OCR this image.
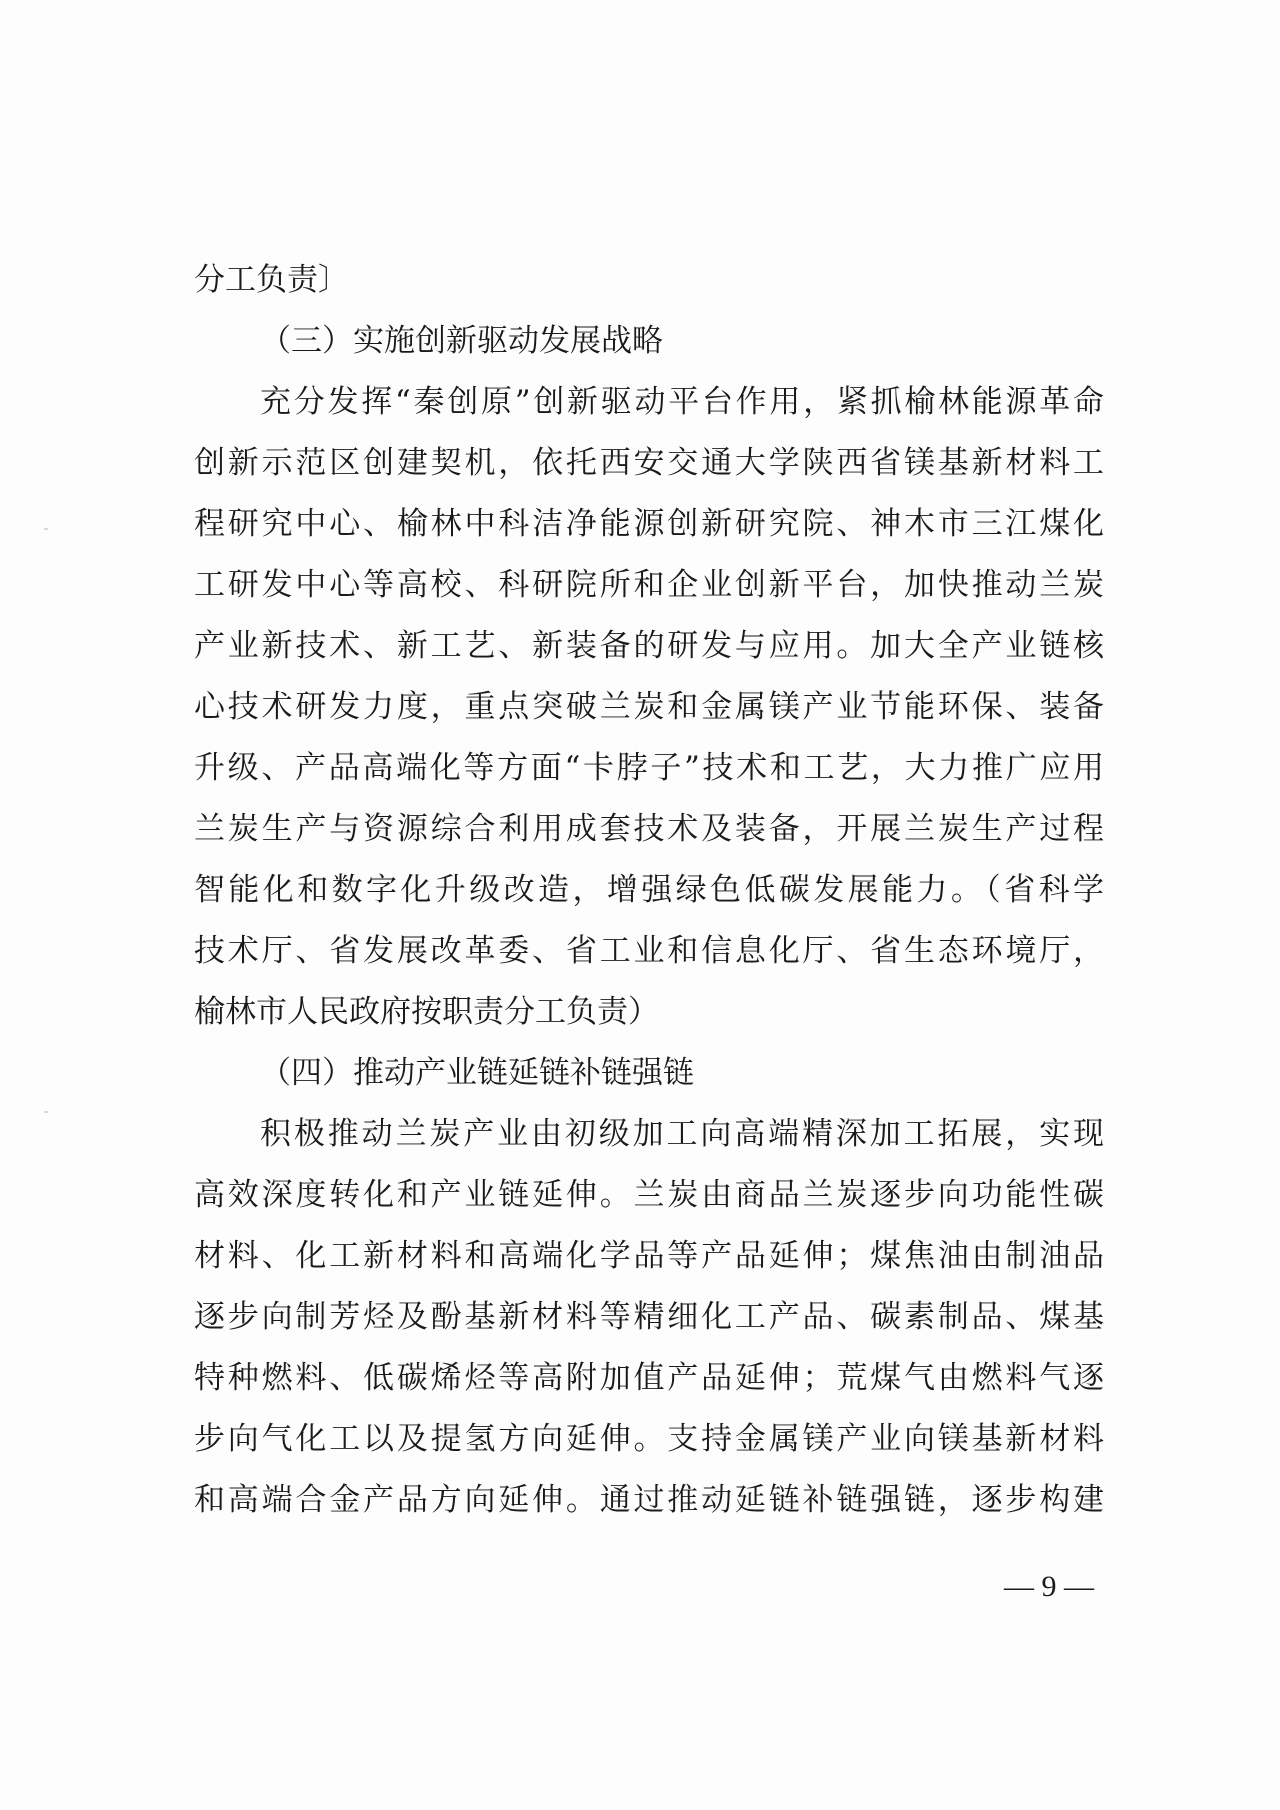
分工负责〕
（三）实施创新驱动发展战略
充分发挥“秦创原”创新驱动平台作用，紧抓榆林能源革命
创新示范区创建契机，依托西安交通大学陕西省镁基新材料工
程研究中心、榆林中科洁净能源创新研究院、神木市三江煤化
工研发中心等高校、科研院所和企业创新平台，加快推动兰炭
产业新技术、新工艺、新装备的研发与应用。加大全产业链核
心技术研发力度，重点突破兰炭和金属镁产业节能环保、装备
升级、产品高端化等方面“卡脖子”技术和工艺，大力推广应用
兰炭生产与资源综合利用成套技术及装备，开展兰炭生产过程
智能化和数字化升级改造，增强绿色低碳发展能力。（省科学
技术厅、省发展改革委、省工业和信息化厅、省生态环境厅，
榆林市人民政府按职责分工负责）
（四）推动产业链延链补链强链
积极推动兰炭产业由初级加工向高端精深加工拓展，实现
高效深度转化和产业链延伸。兰炭由商品兰炭逐步向功能性碳
材料、化工新材料和高端化学品等产品延伸；煤焦油由制油品
逐步向制芳烃及酚基新材料等精细化工产品、碳素制品、煤基
特种燃料、低碳烯烃等高附加值产品延伸；荒煤气由燃料气逐
步向气化工以及提氢方向延伸。支持金属镁产业向镁基新材料
和高端合金产品方向延伸。通过推动延链补链强链，逐步构建
— 9 —
